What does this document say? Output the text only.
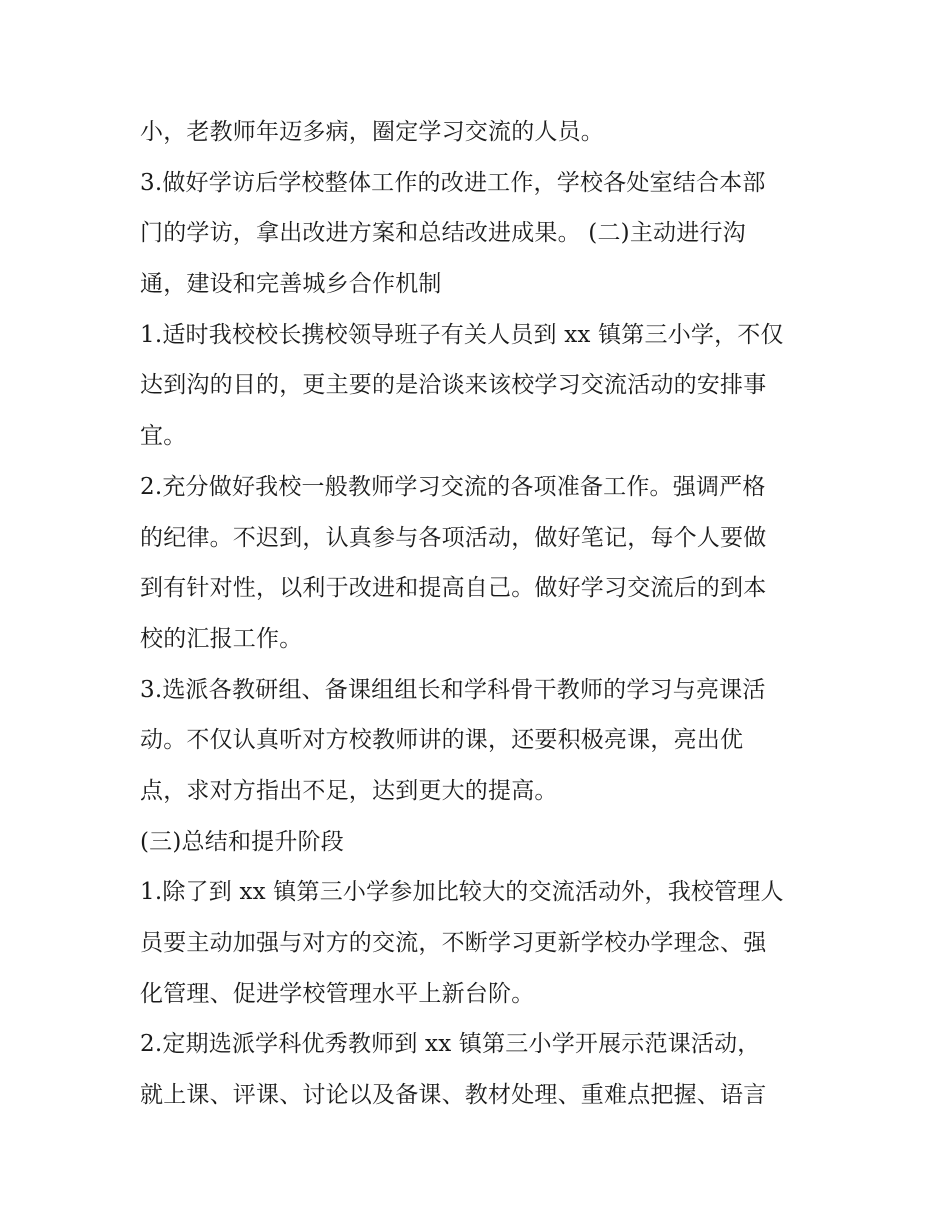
小，老教师年迈多病，圈定学习交流的人员。
3.做好学访后学校整体工作的改进工作，学校各处室结合本部
门的学访，拿出改进方案和总结改进成果。 (二)主动进行沟
通，建设和完善城乡合作机制
1.适时我校校长携校领导班子有关人员到 xx 镇第三小学，不仅
达到沟的目的，更主要的是洽谈来该校学习交流活动的安排事
宜。
2.充分做好我校一般教师学习交流的各项准备工作。强调严格
的纪律。不迟到，认真参与各项活动，做好笔记，每个人要做
到有针对性，以利于改进和提高自己。做好学习交流后的到本
校的汇报工作。
3.选派各教研组、备课组组长和学科骨干教师的学习与亮课活
动。不仅认真听对方校教师讲的课，还要积极亮课，亮出优
点，求对方指出不足，达到更大的提高。
(三)总结和提升阶段
1.除了到 xx 镇第三小学参加比较大的交流活动外，我校管理人
员要主动加强与对方的交流，不断学习更新学校办学理念、强
化管理、促进学校管理水平上新台阶。
2.定期选派学科优秀教师到 xx 镇第三小学开展示范课活动，
就上课、评课、讨论以及备课、教材处理、重难点把握、语言
